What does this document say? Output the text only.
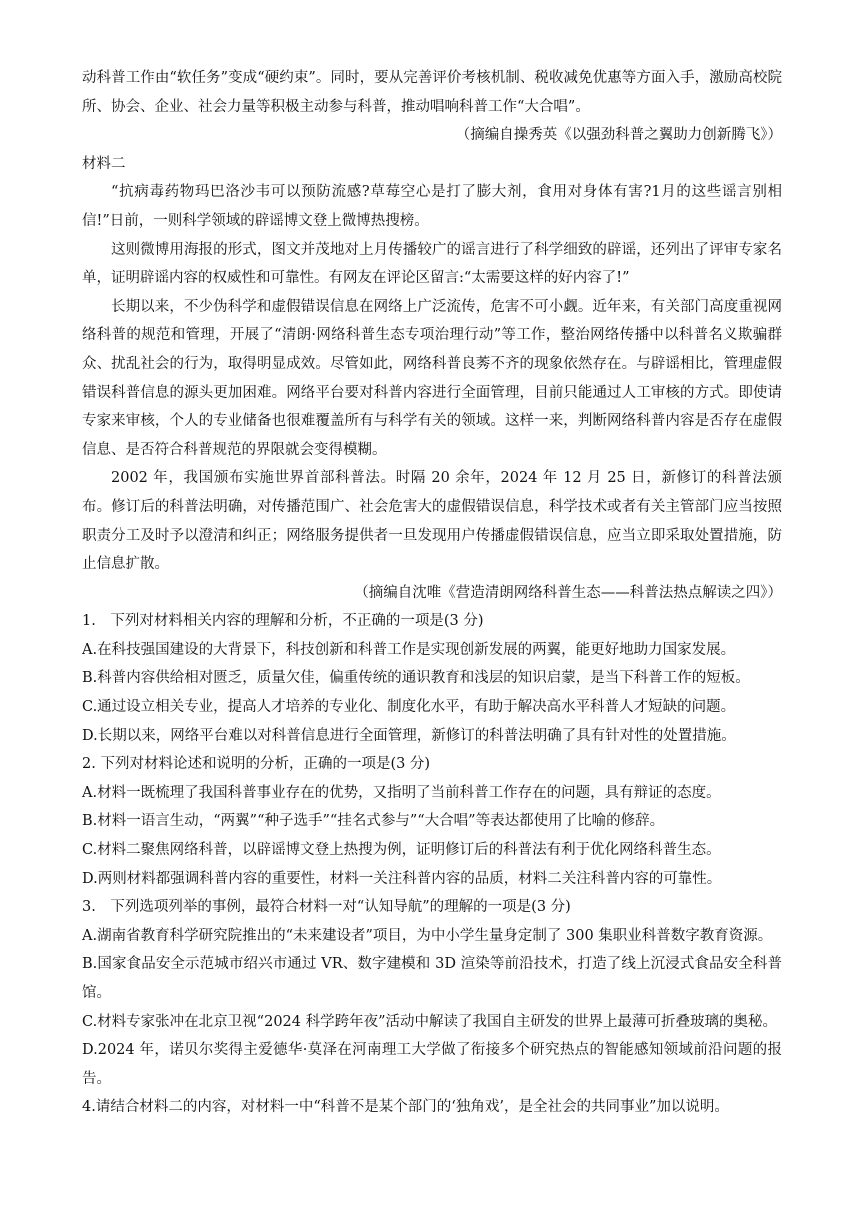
动科普工作由“软任务”变成“硬约束”。同时，要从完善评价考核机制、税收减免优惠等方面入手，激励高校院所、协会、企业、社会力量等积极主动参与科普，推动唱响科普工作“大合唱”。

（摘编自操秀英《以强劲科普之翼助力创新腾飞》）

材料二

“抗病毒药物玛巴洛沙韦可以预防流感?草莓空心是打了膨大剂，食用对身体有害?1月的这些谣言别相信!”日前，一则科学领域的辟谣博文登上微博热搜榜。

这则微博用海报的形式，图文并茂地对上月传播较广的谣言进行了科学细致的辟谣，还列出了评审专家名单，证明辟谣内容的权威性和可靠性。有网友在评论区留言:“太需要这样的好内容了!”

长期以来，不少伪科学和虚假错误信息在网络上广泛流传，危害不可小觑。近年来，有关部门高度重视网络科普的规范和管理，开展了“清朗·网络科普生态专项治理行动”等工作，整治网络传播中以科普名义欺骗群众、扰乱社会的行为，取得明显成效。尽管如此，网络科普良莠不齐的现象依然存在。与辟谣相比，管理虚假错误科普信息的源头更加困难。网络平台要对科普内容进行全面管理，目前只能通过人工审核的方式。即使请专家来审核，个人的专业储备也很难覆盖所有与科学有关的领域。这样一来，判断网络科普内容是否存在虚假信息、是否符合科普规范的界限就会变得模糊。

2002 年，我国颁布实施世界首部科普法。时隔 20 余年，2024 年 12 月 25 日，新修订的科普法颁布。修订后的科普法明确，对传播范围广、社会危害大的虚假错误信息，科学技术或者有关主管部门应当按照职责分工及时予以澄清和纠正；网络服务提供者一旦发现用户传播虚假错误信息，应当立即采取处置措施，防止信息扩散。

（摘编自沈唯《营造清朗网络科普生态——科普法热点解读之四》）

1.　下列对材料相关内容的理解和分析，不正确的一项是(3 分)

A.在科技强国建设的大背景下，科技创新和科普工作是实现创新发展的两翼，能更好地助力国家发展。

B.科普内容供给相对匮乏，质量欠佳，偏重传统的通识教育和浅层的知识启蒙，是当下科普工作的短板。

C.通过设立相关专业，提高人才培养的专业化、制度化水平，有助于解决高水平科普人才短缺的问题。

D.长期以来，网络平台难以对科普信息进行全面管理，新修订的科普法明确了具有针对性的处置措施。

2. 下列对材料论述和说明的分析，正确的一项是(3 分)

A.材料一既梳理了我国科普事业存在的优势，又指明了当前科普工作存在的问题，具有辩证的态度。

B.材料一语言生动，“两翼”“种子选手”“挂名式参与”“大合唱”等表达都使用了比喻的修辞。

C.材料二聚焦网络科普，以辟谣博文登上热搜为例，证明修订后的科普法有利于优化网络科普生态。

D.两则材料都强调科普内容的重要性，材料一关注科普内容的品质，材料二关注科普内容的可靠性。

3.　下列选项列举的事例，最符合材料一对“认知导航”的理解的一项是(3 分)

A.湖南省教育科学研究院推出的“未来建设者”项目，为中小学生量身定制了 300 集职业科普数字教育资源。

B.国家食品安全示范城市绍兴市通过 VR、数字建模和 3D 渲染等前沿技术，打造了线上沉浸式食品安全科普馆。

C.材料专家张冲在北京卫视“2024 科学跨年夜”活动中解读了我国自主研发的世界上最薄可折叠玻璃的奥秘。

D.2024 年，诺贝尔奖得主爱德华·莫泽在河南理工大学做了衔接多个研究热点的智能感知领域前沿问题的报告。

4.请结合材料二的内容，对材料一中“科普不是某个部门的‘独角戏’，是全社会的共同事业”加以说明。
